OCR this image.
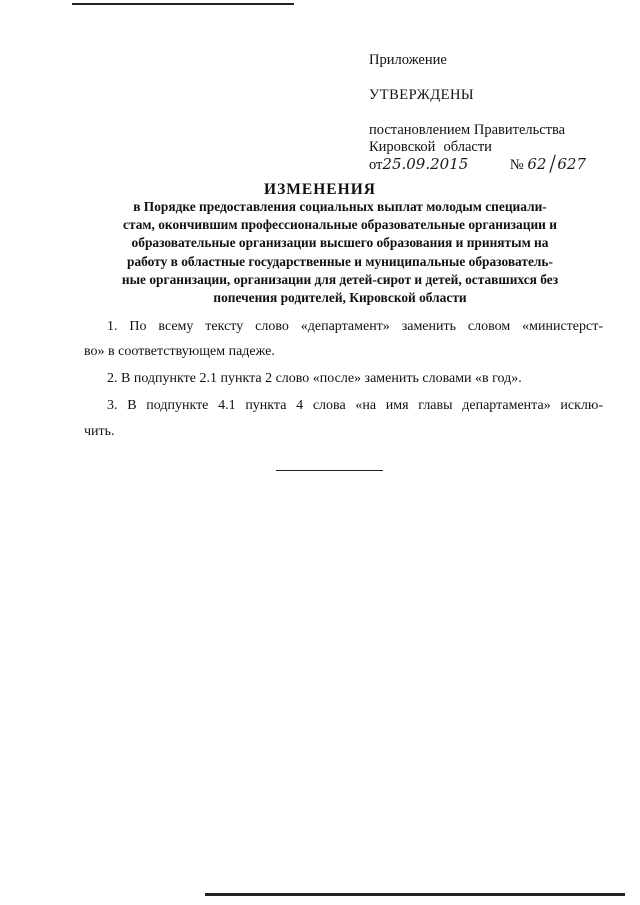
Приложение

УТВЕРЖДЕНЫ

постановлением Правительства

Кировской области

от25.09.2015	№ 62 /627

ИЗМЕНЕНИЯ
в Порядке предоставления социальных выплат молодым специали-
стам, окончившим профессиональные образовательные организации и
образовательные организации высшего образования и принятым на
работу в областные государственные и муниципальные образователь-
ные организации, организации для детей-сирот и детей, оставшихся без
попечения родителей, Кировской области

1. По всему тексту слово «департамент» заменить словом «министерст-

во» в соответствующем падеже.

2. В подпункте 2.1 пункта 2 слово «после» заменить словами «в год».

3. В подпункте 4.1 пункта 4 слова «на имя главы департамента» исклю-

чить.
